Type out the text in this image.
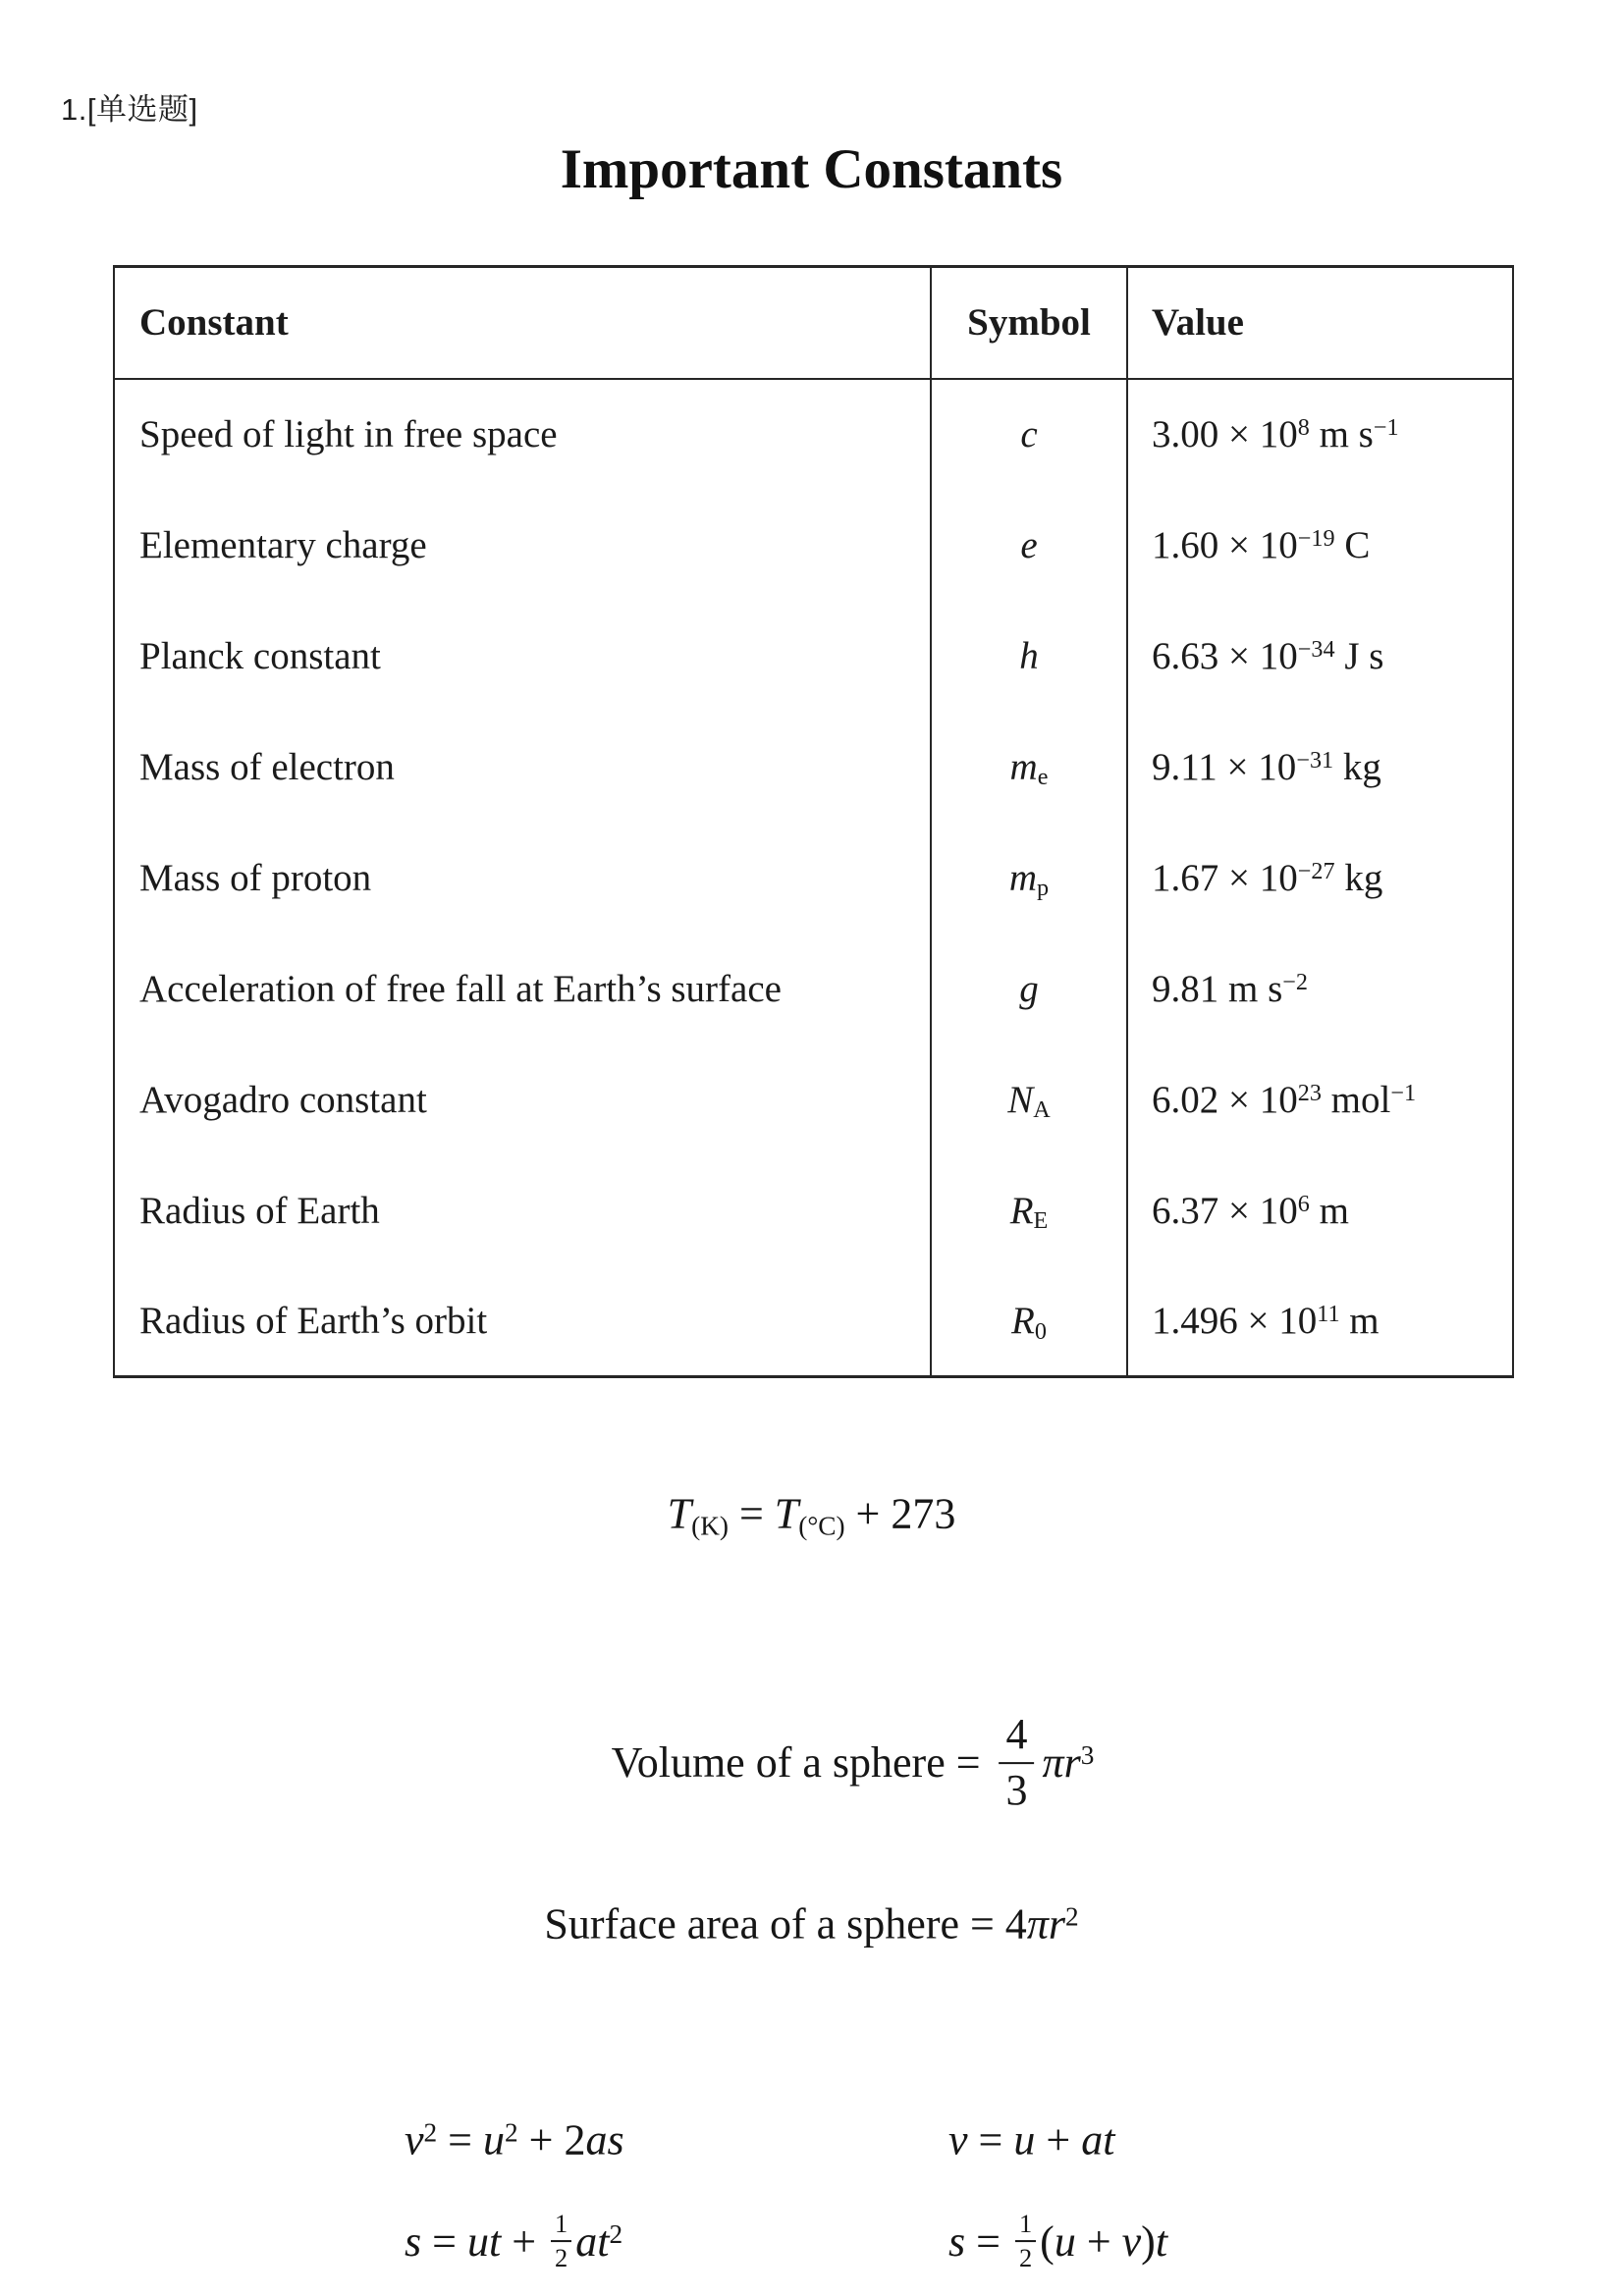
1.[单选题]
Important Constants
Constant	Symbol	Value
Speed of light in free space	c	$3.00 \times 10^8$ m $s^{-1}$
Elementary charge	e	$1.60 \times 10^{-19}$ C
Planck constant	h	$6.63 \times 10^{-34}$ J s
Mass of electron	me	$9.11 \times 10^{-31}$ kg
Mass of proton	mp	$1.67 \times 10^{-27}$ kg
Acceleration of free fall at Earth’s surface	g	9.81 m $s^{-2}$
Avogadro constant	NA	$6.02 \times 10^{23}$ mol$^{-1}$
Radius of Earth	RE	$6.37 \times 10^6$ m
Radius of Earth’s orbit	R0	$1.496 \times 10^{11}$ m
T(K) = T(°C) + 273
Volume of a sphere = $\frac{4}{3} \pi r^3$
Surface area of a sphere = $4\pi r^2$
$v^2 = u^2 + 2as$	v = u + at
s = ut + $\frac{1}{2} at^2$	$s = \frac{1}{2} (u + v)t$
